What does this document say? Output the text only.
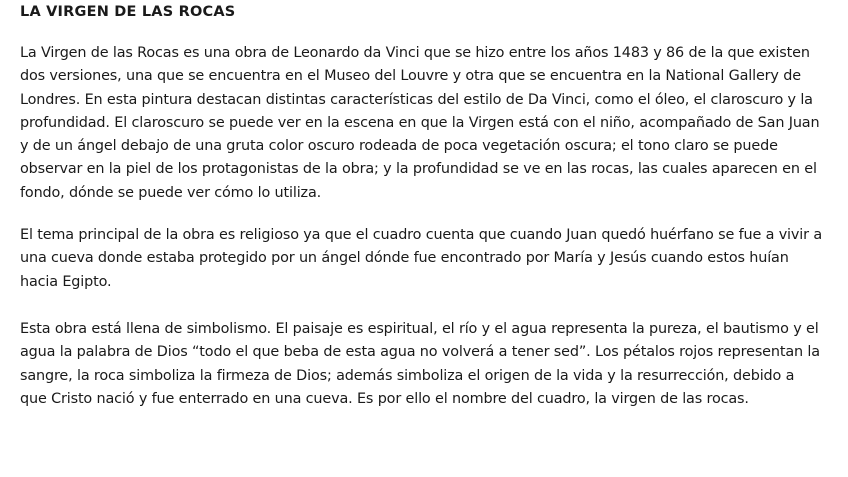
LA VIRGEN DE LAS ROCAS

La Virgen de las Rocas es una obra de Leonardo da Vinci que se hizo entre los años 1483 y 86 de la que existen dos versiones, una que se encuentra en el Museo del Louvre y otra que se encuentra en la National Gallery de Londres. En esta pintura destacan distintas características del estilo de Da Vinci, como el óleo, el claroscuro y la profundidad. El claroscuro se puede ver en la escena en que la Virgen está con el niño, acompañado de San Juan y de un ángel debajo de una gruta color oscuro rodeada de poca vegetación oscura; el tono claro se puede observar en la piel de los protagonistas de la obra; y la profundidad se ve en las rocas, las cuales aparecen en el fondo, dónde se puede ver cómo lo utiliza.

El tema principal de la obra es religioso ya que el cuadro cuenta que cuando Juan quedó huérfano se fue a vivir a una cueva donde estaba protegido por un ángel dónde fue encontrado por María y Jesús cuando estos huían hacia Egipto.

Esta obra está llena de simbolismo. El paisaje es espiritual, el río y el agua representa la pureza, el bautismo y el agua la palabra de Dios “todo el que beba de esta agua no volverá a tener sed”. Los pétalos rojos representan la sangre, la roca simboliza la firmeza de Dios; además simboliza el origen de la vida y la resurrección, debido a que Cristo nació y fue enterrado en una cueva. Es por ello el nombre del cuadro, la virgen de las rocas.
